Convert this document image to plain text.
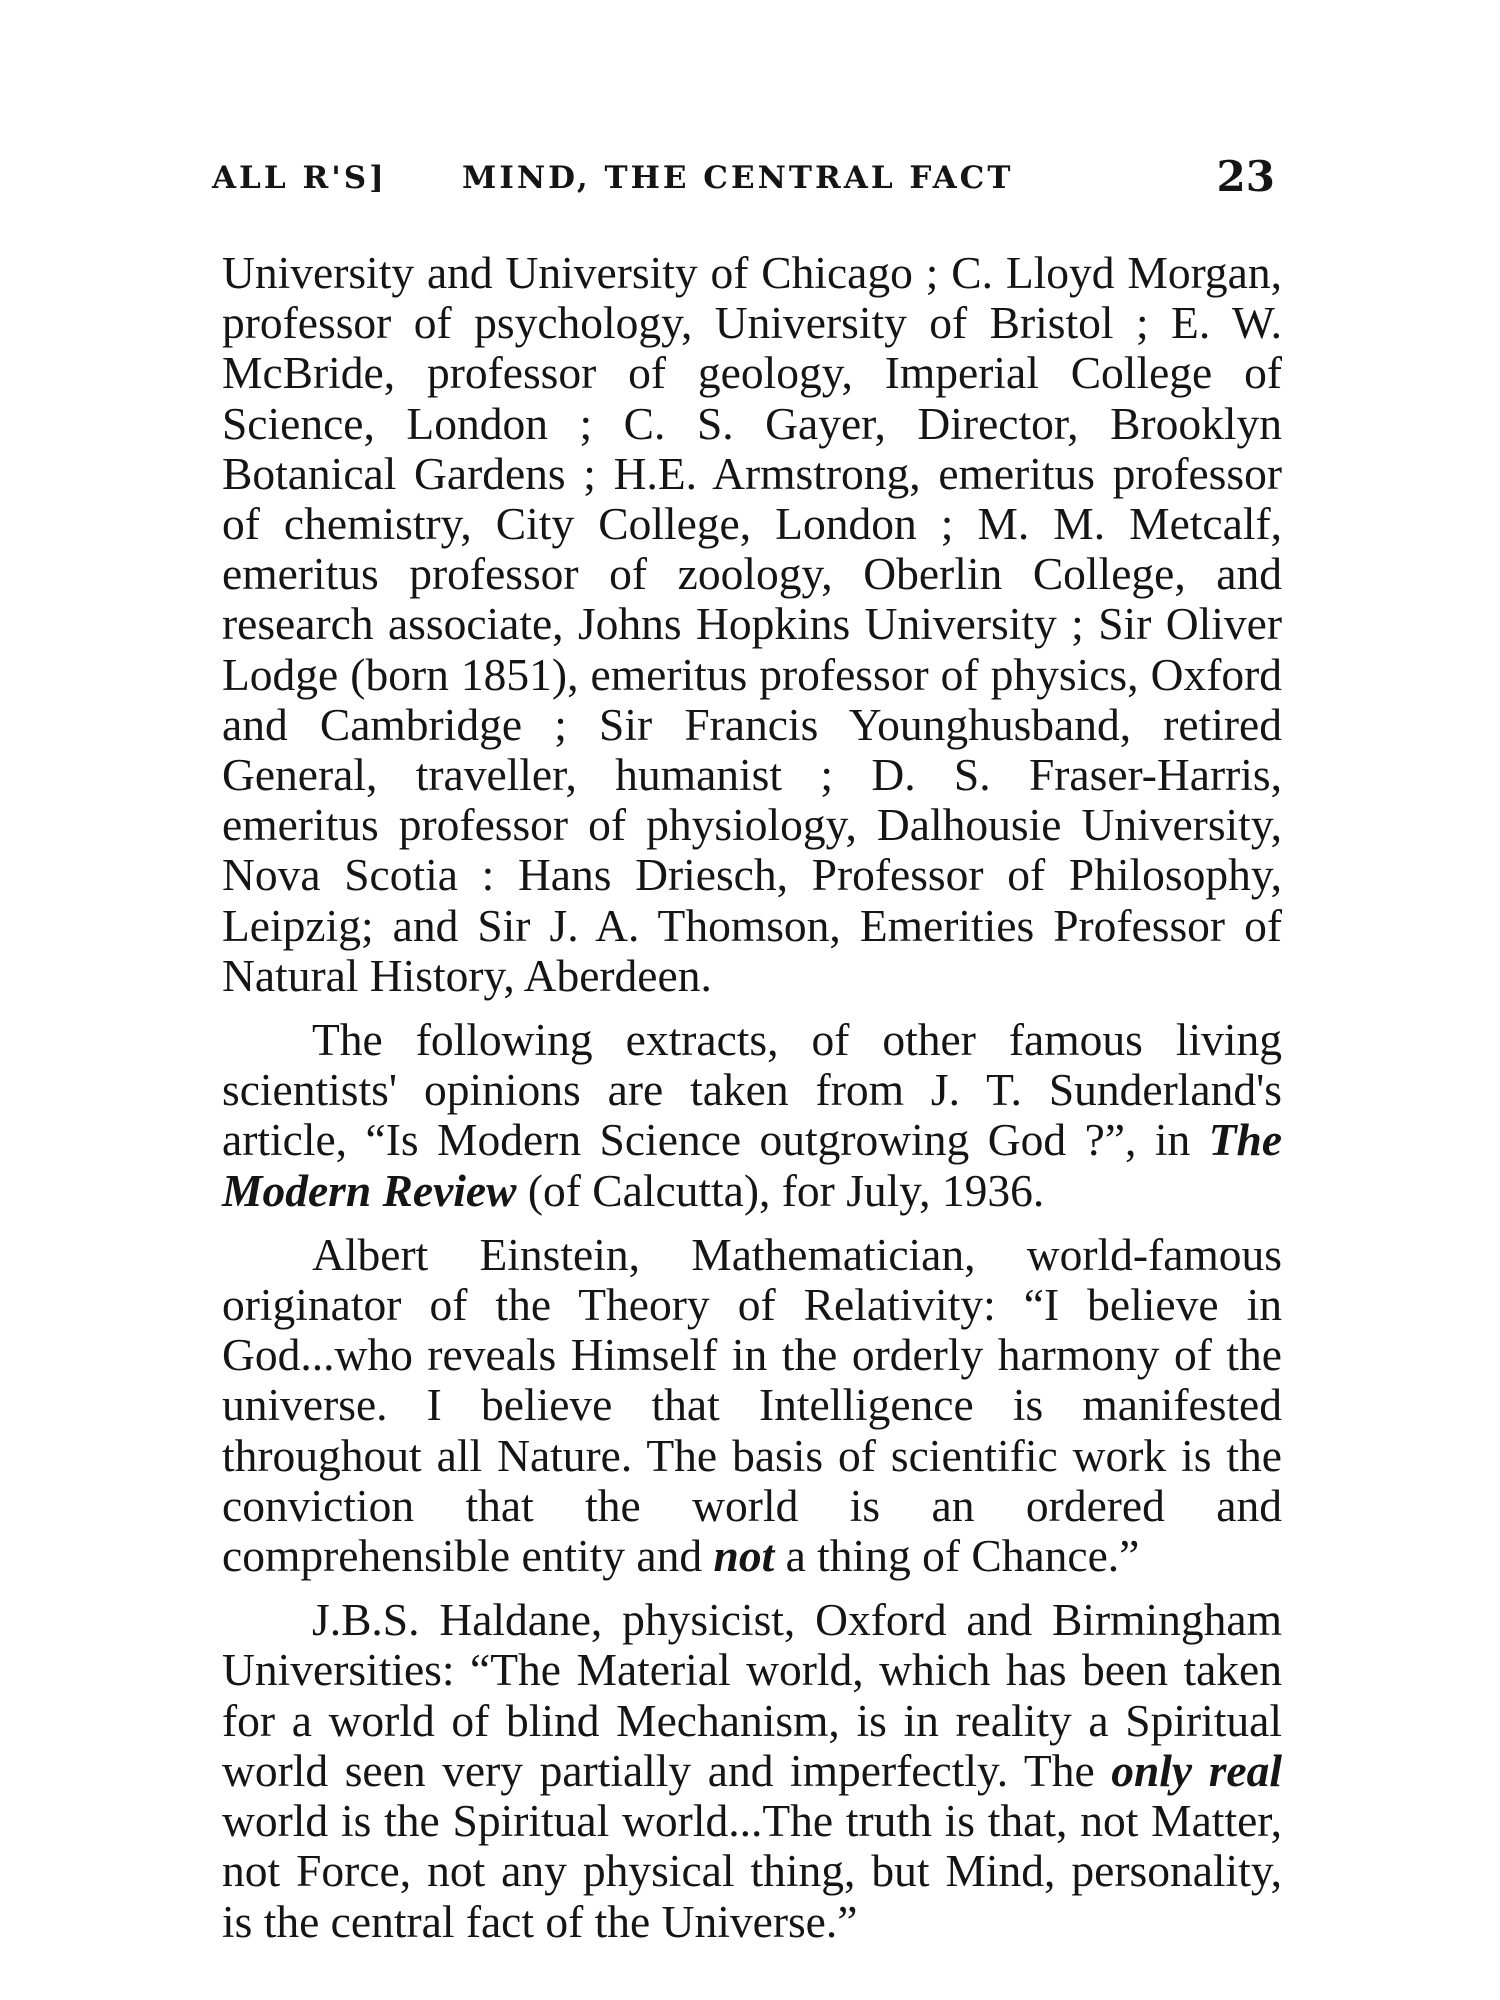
ALL R'S] MIND, THE CENTRAL FACT	23

University and University of Chicago ; C. Lloyd Morgan, professor of psychology, University of Bristol ; E. W. McBride, professor of geology, Imperial College of Science, London ; C. S. Gayer, Director, Brooklyn Botanical Gardens ; H.E. Armstrong, emeritus professor of chemistry, City College, London ; M. M. Metcalf, emeritus professor of zoology, Oberlin College, and research associate, Johns Hopkins University ; Sir Oliver Lodge (born 1851), emeritus professor of physics, Oxford and Cambridge ; Sir Francis Younghusband, retired General, traveller, humanist ; D. S. Fraser-Harris, emeritus professor of physiology, Dalhousie University, Nova Scotia : Hans Driesch, Professor of Philosophy, Leipzig; and Sir J. A. Thomson, Emerities Professor of Natural History, Aberdeen.

The following extracts, of other famous living scientists' opinions are taken from J. T. Sunderland's article, “Is Modern Science outgrowing God ?”, in The Modern Review (of Calcutta), for July, 1936.

Albert Einstein, Mathematician, world-famous originator of the Theory of Relativity: “I believe in God...who reveals Himself in the orderly harmony of the universe. I believe that Intelligence is manifested throughout all Nature. The basis of scientific work is the conviction that the world is an ordered and comprehensible entity and not a thing of Chance.”

J.B.S. Haldane, physicist, Oxford and Birmingham Universities: “The Material world, which has been taken for a world of blind Mechanism, is in reality a Spiritual world seen very partially and imperfectly. The only real world is the Spiritual world...The truth is that, not Matter, not Force, not any physical thing, but Mind, personality, is the central fact of the Universe.”
